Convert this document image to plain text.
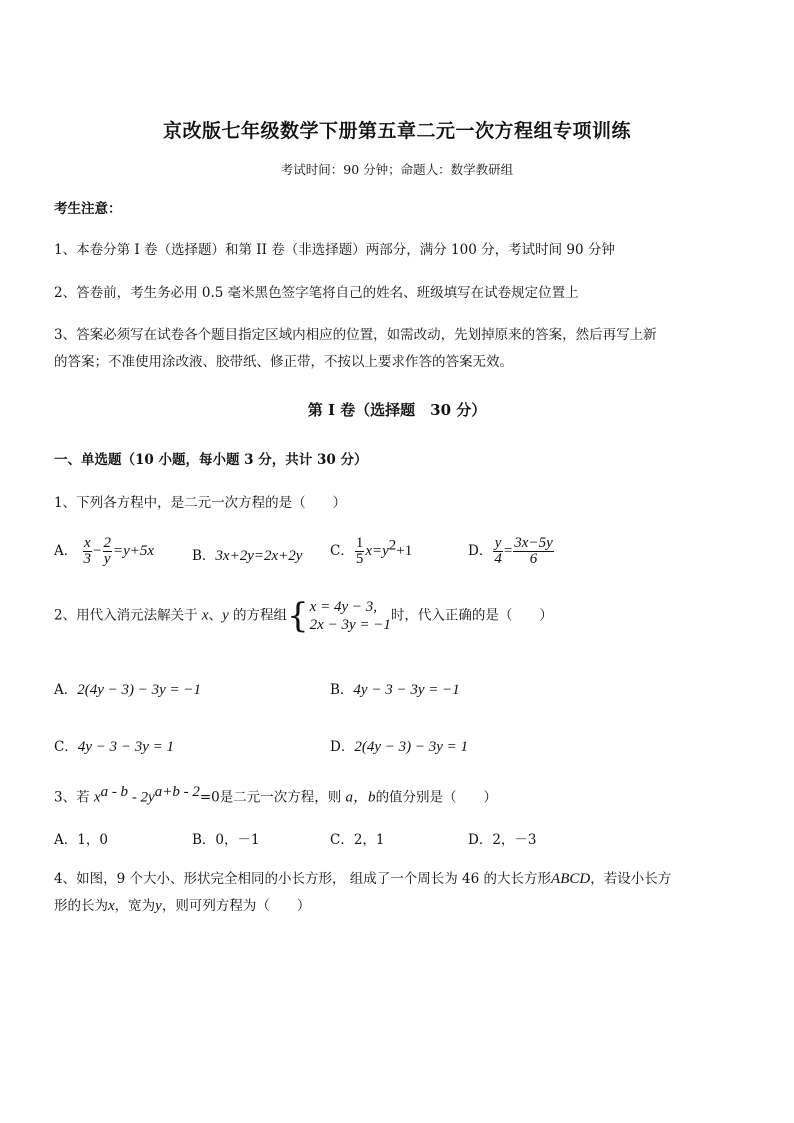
京改版七年级数学下册第五章二元一次方程组专项训练
考试时间：90 分钟；命题人：数学教研组
考生注意：
1、本卷分第 I 卷（选择题）和第 II 卷（非选择题）两部分，满分 100 分，考试时间 90 分钟
2、答卷前，考生务必用 0.5 毫米黑色签字笔将自己的姓名、班级填写在试卷规定位置上
3、答案必须写在试卷各个题目指定区域内相应的位置，如需改动，先划掉原来的答案，然后再写上新
的答案；不准使用涂改液、胶带纸、修正带，不按以上要求作答的答案无效。
第 I 卷（选择题　30 分）
一、单选题（10 小题，每小题 3 分，共计 30 分）
1、下列各方程中，是二元一次方程的是（　　）
A． $\frac{x}{3} - \frac{2}{y} =y+5x$	B．3x+2y=2x+2y C． $\frac{1}{5} x=y^2+1$	D． $\frac{y}{4} = \frac{3x-5y}{6}$
2、用代入消元法解关于 x、y 的方程组{ x = 4y − 3,
2x − 3y = −1
时，代入正确的是（　　）
A．2(4y − 3) − 3y = −1	B．4y − 3 − 3y = −1
C．4y − 3 − 3y = 1	D．2(4y − 3) − 3y = 1
3、若 $x^{a - b} - 2y^{a+b - 2}=0$是二元一次方程，则 a，b的值分别是（　　）
A．1，0	B．0，－1	C．2，1	D．2，－3
4、如图，9 个大小、形状完全相同的小长方形， 组成了一个周长为 46 的大长方形ABCD，若设小长方
形的长为x，宽为y，则可列方程为（　　）
